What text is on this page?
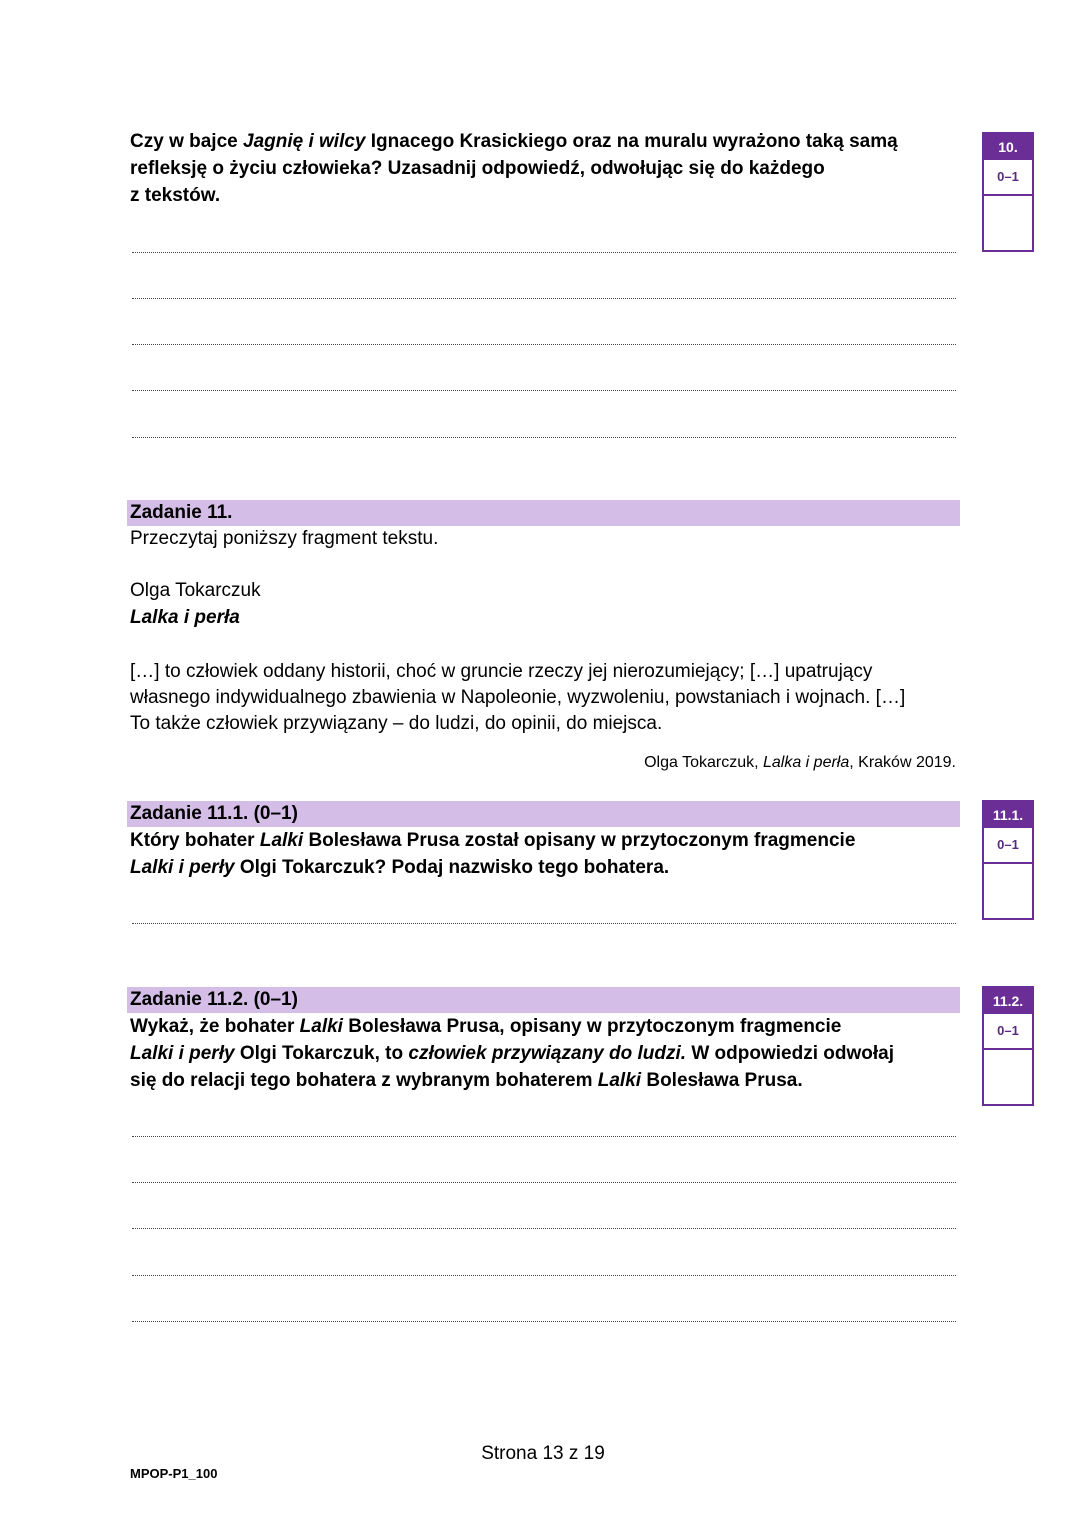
Czy w bajce Jagnię i wilcy Ignacego Krasickiego oraz na muralu wyrażono taką samą
refleksję o życiu człowieka? Uzasadnij odpowiedź, odwołując się do każdego
z tekstów.
10.
0–1
Zadanie 11.
Przeczytaj poniższy fragment tekstu.
Olga Tokarczuk
Lalka i perła
[…] to człowiek oddany historii, choć w gruncie rzeczy jej nierozumiejący; […] upatrujący
własnego indywidualnego zbawienia w Napoleonie, wyzwoleniu, powstaniach i wojnach. […]
To także człowiek przywiązany – do ludzi, do opinii, do miejsca.
Olga Tokarczuk, Lalka i perła, Kraków 2019.
Zadanie 11.1. (0–1)
Który bohater Lalki Bolesława Prusa został opisany w przytoczonym fragmencie
Lalki i perły Olgi Tokarczuk? Podaj nazwisko tego bohatera.
11.1.
0–1
Zadanie 11.2. (0–1)
Wykaż, że bohater Lalki Bolesława Prusa, opisany w przytoczonym fragmencie
Lalki i perły Olgi Tokarczuk, to człowiek przywiązany do ludzi. W odpowiedzi odwołaj
się do relacji tego bohatera z wybranym bohaterem Lalki Bolesława Prusa.
11.2.
0–1
Strona 13 z 19
MPOP-P1_100
